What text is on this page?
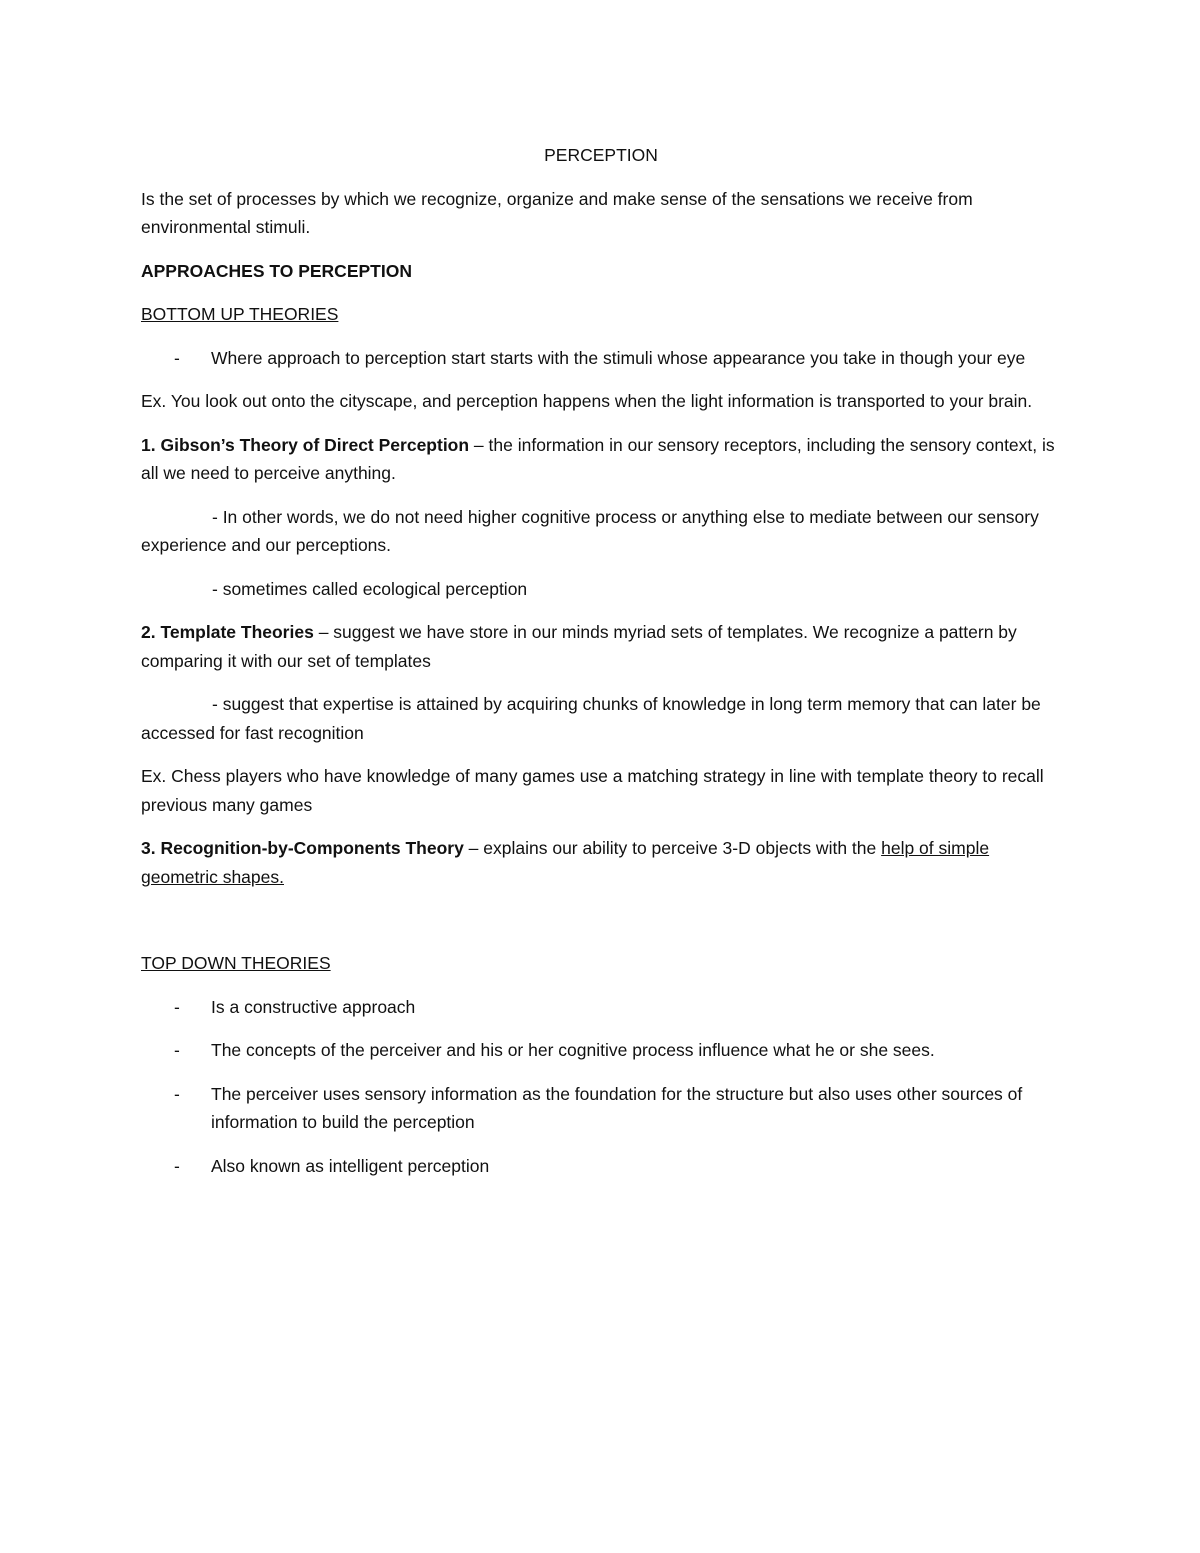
PERCEPTION

Is the set of processes by which we recognize, organize and make sense of the sensations we receive from environmental stimuli.

APPROACHES TO PERCEPTION

BOTTOM UP THEORIES

-	Where approach to perception start starts with the stimuli whose appearance you take in though your eye

Ex. You look out onto the cityscape, and perception happens when the light information is transported to your brain.

1. Gibson’s Theory of Direct Perception – the information in our sensory receptors, including the sensory context, is all we need to perceive anything.

- In other words, we do not need higher cognitive process or anything else to mediate between our sensory experience and our perceptions.

- sometimes called ecological perception

2. Template Theories – suggest we have store in our minds myriad sets of templates. We recognize a pattern by comparing it with our set of templates

- suggest that expertise is attained by acquiring chunks of knowledge in long term memory that can later be accessed for fast recognition

Ex. Chess players who have knowledge of many games use a matching strategy in line with template theory to recall previous many games

3. Recognition-by-Components Theory – explains our ability to perceive 3-D objects with the help of simple geometric shapes.

TOP DOWN THEORIES

-	Is a constructive approach
-	The concepts of the perceiver and his or her cognitive process influence what he or she sees.
-	The perceiver uses sensory information as the foundation for the structure but also uses other sources of information to build the perception
-	Also known as intelligent perception
